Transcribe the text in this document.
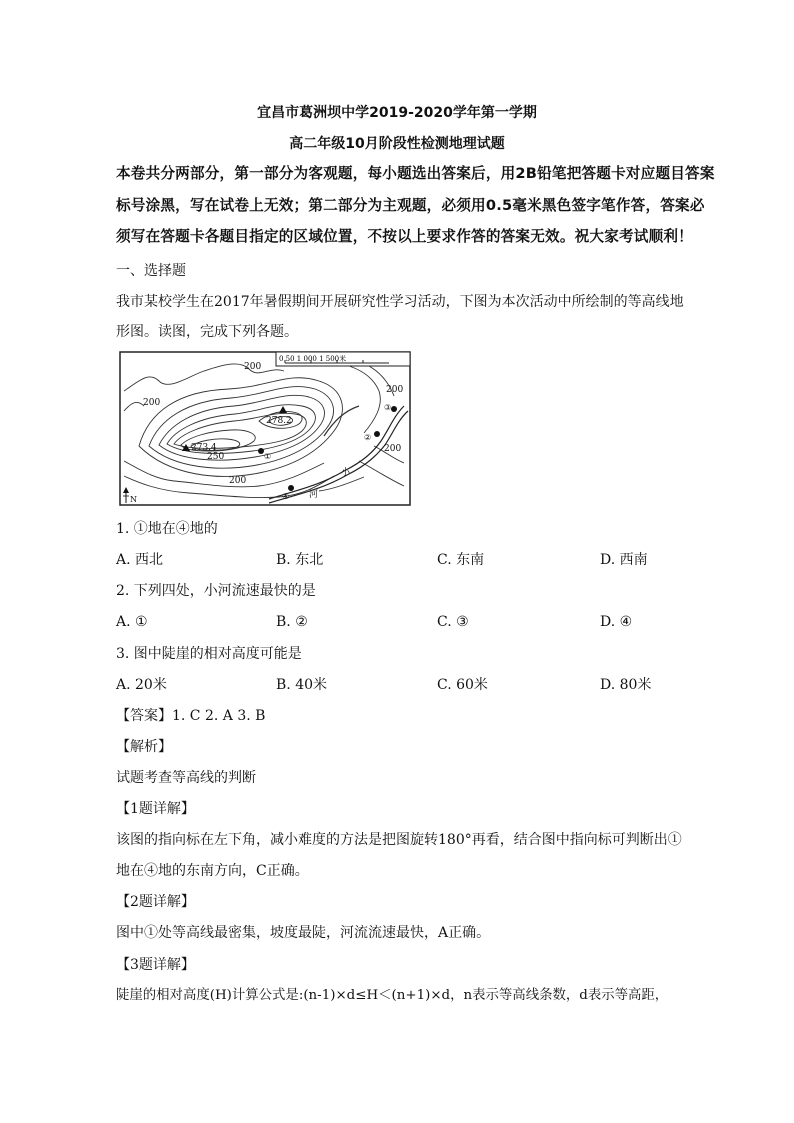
宜昌市葛洲坝中学2019-2020学年第一学期
高二年级10月阶段性检测地理试题
本卷共分两部分，第一部分为客观题，每小题选出答案后，用2B铅笔把答题卡对应题目答案
标号涂黑，写在试卷上无效；第二部分为主观题，必须用0.5毫米黑色签字笔作答，答案必
须写在答题卡各题目指定的区域位置，不按以上要求作答的答案无效。祝大家考试顺利！
一、选择题
我市某校学生在2017年暑假期间开展研究性学习活动，下图为本次活动中所绘制的等高线地
形图。读图，完成下列各题。
0 50 1 000 1 500米
200
278.2
273.4
250
200
200
200
200
小
河
①
②
③
④
N
1. ①地在④地的
A. 西北	B. 东北	C. 东南	D. 西南
2. 下列四处，小河流速最快的是
A. ①	B. ②	C. ③	D. ④
3. 图中陡崖的相对高度可能是
A. 20米	B. 40米	C. 60米	D. 80米
【答案】1. C 2. A 3. B
【解析】
试题考查等高线的判断
【1题详解】
该图的指向标在左下角，减小难度的方法是把图旋转180°再看，结合图中指向标可判断出①
地在④地的东南方向，C正确。
【2题详解】
图中①处等高线最密集，坡度最陡，河流流速最快，A正确。
【3题详解】
陡崖的相对高度(H)计算公式是:(n-1)×d≤H＜(n+1)×d，n表示等高线条数，d表示等高距，
